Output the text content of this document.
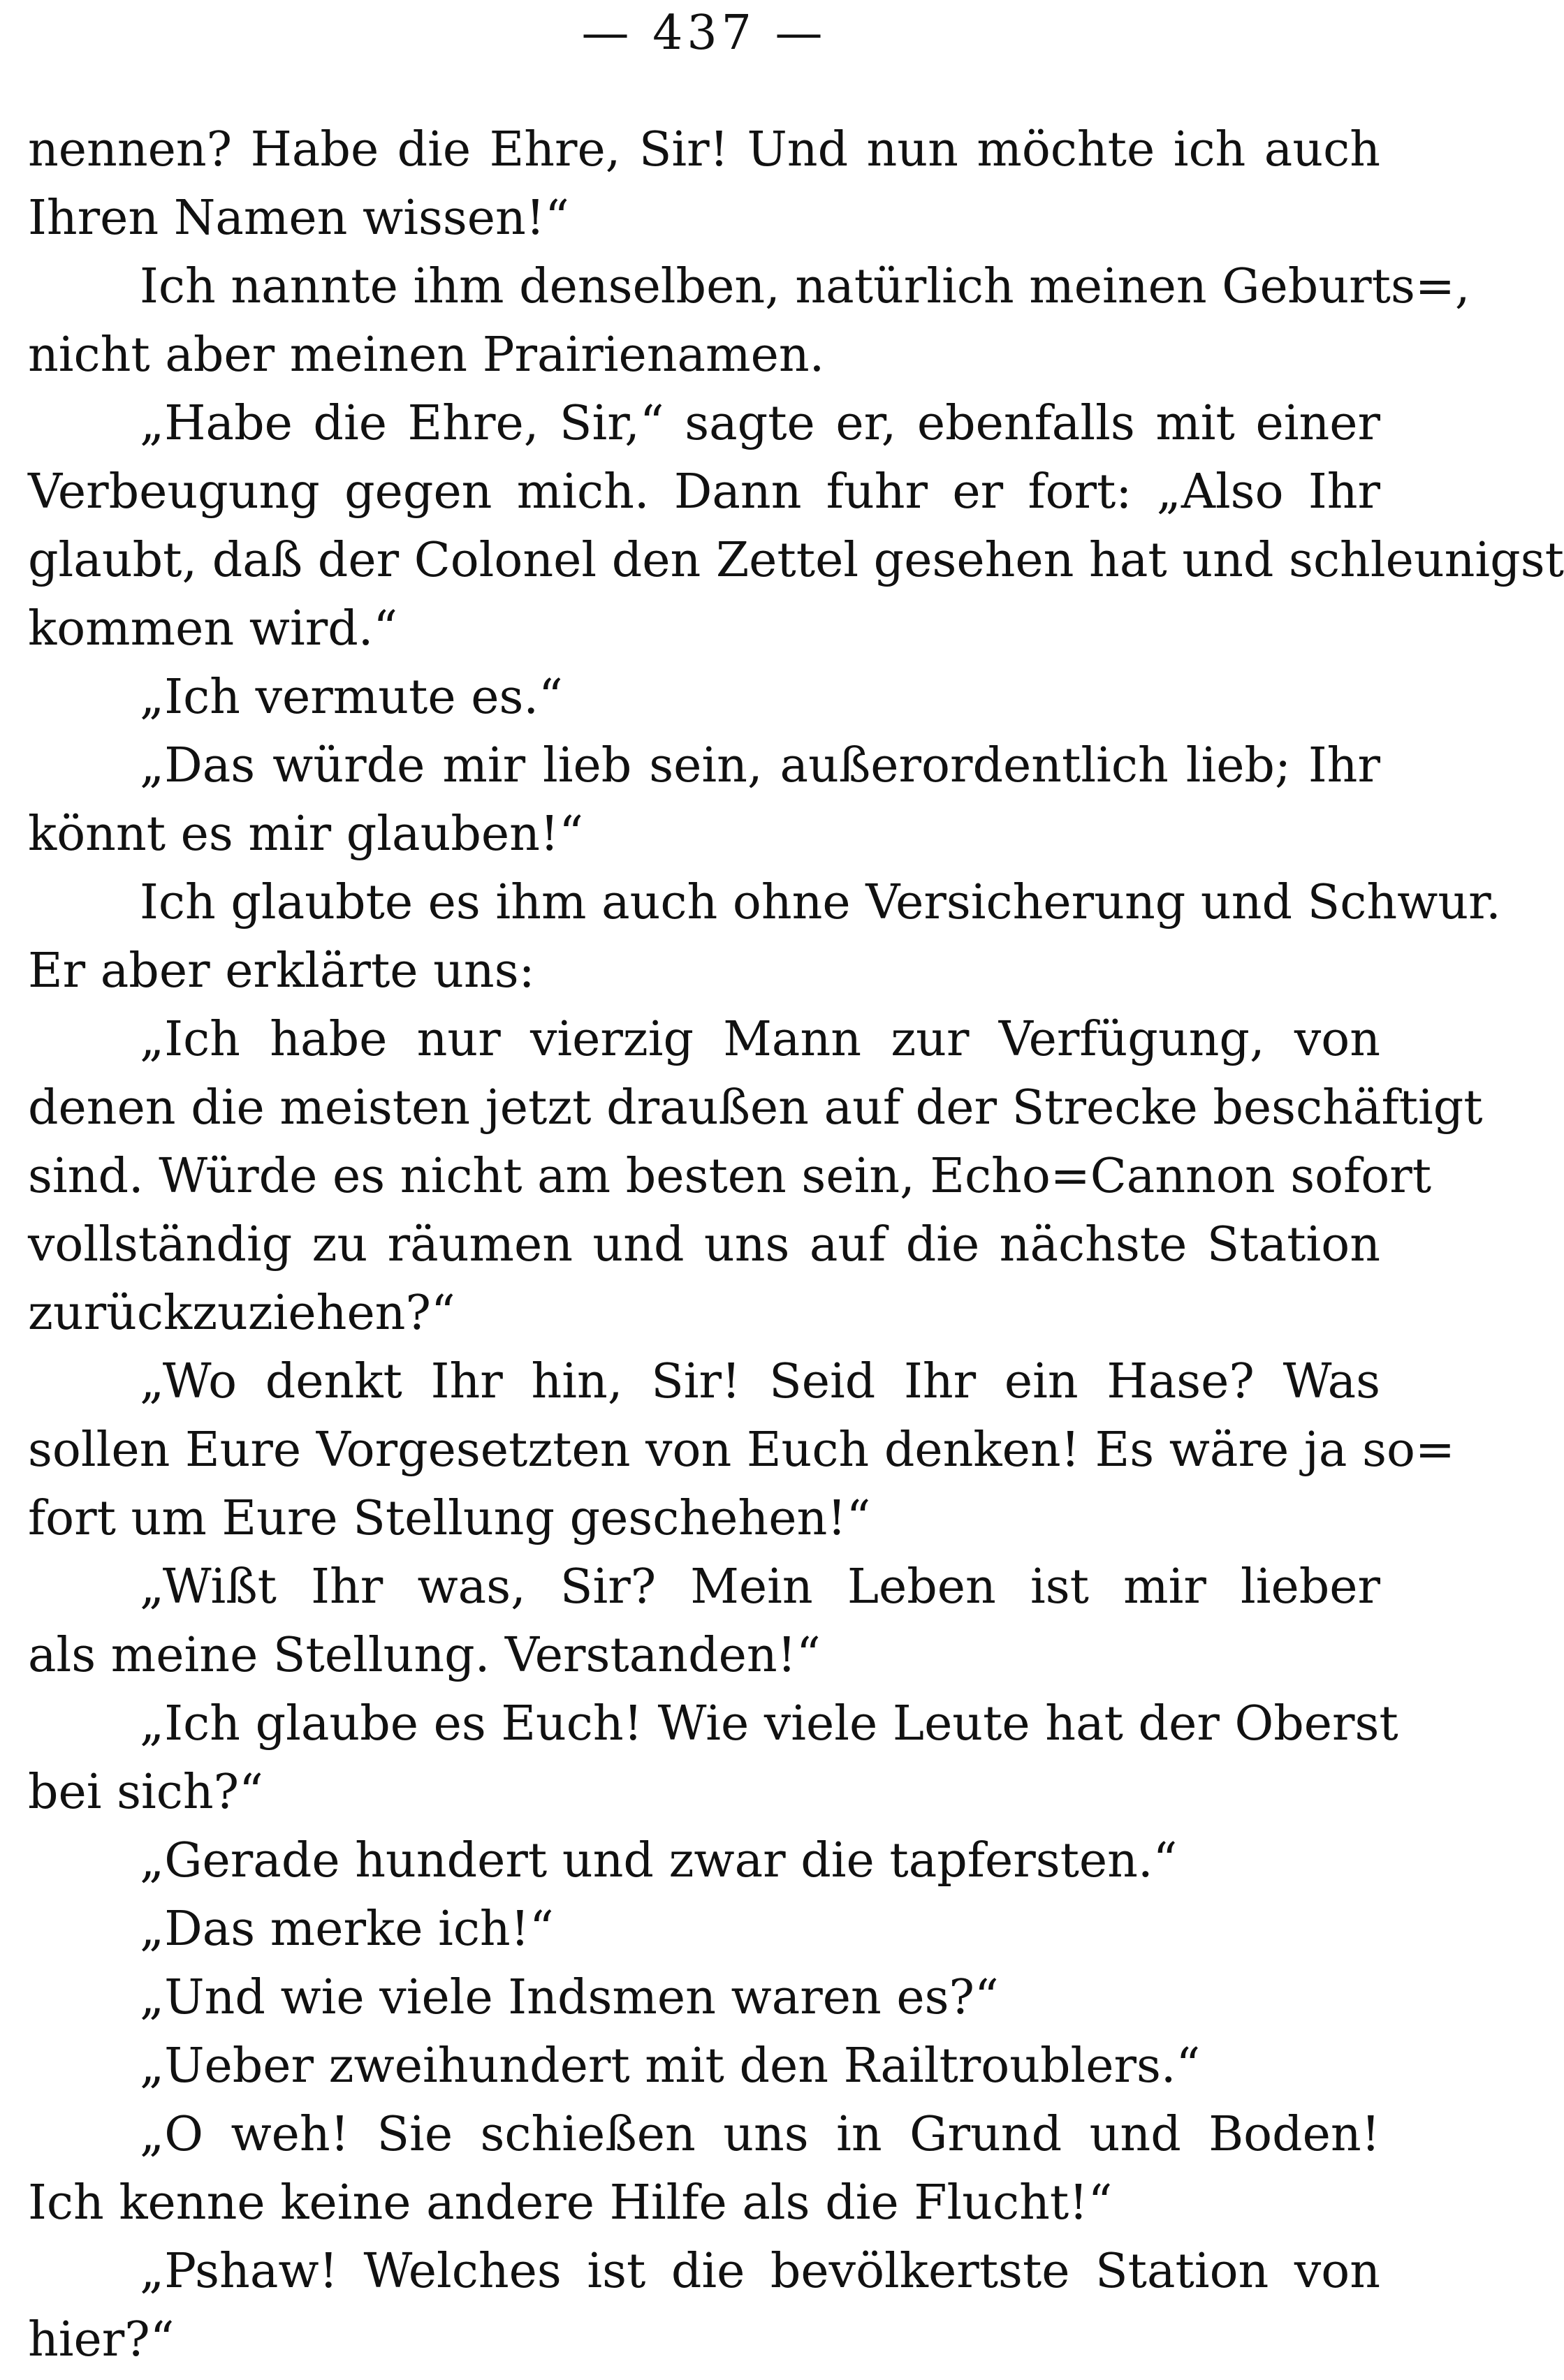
— 437 —
nennen? Habe die Ehre, Sir! Und nun möchte ich auch
Ihren Namen wissen!“
Ich nannte ihm denselben, natürlich meinen Geburts=,
nicht aber meinen Prairienamen.
„Habe die Ehre, Sir,“ sagte er, ebenfalls mit einer
Verbeugung gegen mich. Dann fuhr er fort: „Also Ihr
glaubt, daß der Colonel den Zettel gesehen hat und schleunigst
kommen wird.“
„Ich vermute es.“
„Das würde mir lieb sein, außerordentlich lieb; Ihr
könnt es mir glauben!“
Ich glaubte es ihm auch ohne Versicherung und Schwur.
Er aber erklärte uns:
„Ich habe nur vierzig Mann zur Verfügung, von
denen die meisten jetzt draußen auf der Strecke beschäftigt
sind. Würde es nicht am besten sein, Echo=Cannon sofort
vollständig zu räumen und uns auf die nächste Station
zurückzuziehen?“
„Wo denkt Ihr hin, Sir! Seid Ihr ein Hase? Was
sollen Eure Vorgesetzten von Euch denken! Es wäre ja so=
fort um Eure Stellung geschehen!“
„Wißt Ihr was, Sir? Mein Leben ist mir lieber
als meine Stellung. Verstanden!“
„Ich glaube es Euch! Wie viele Leute hat der Oberst
bei sich?“
„Gerade hundert und zwar die tapfersten.“
„Das merke ich!“
„Und wie viele Indsmen waren es?“
„Ueber zweihundert mit den Railtroublers.“
„O weh! Sie schießen uns in Grund und Boden!
Ich kenne keine andere Hilfe als die Flucht!“
„Pshaw! Welches ist die bevölkertste Station von
hier?“
